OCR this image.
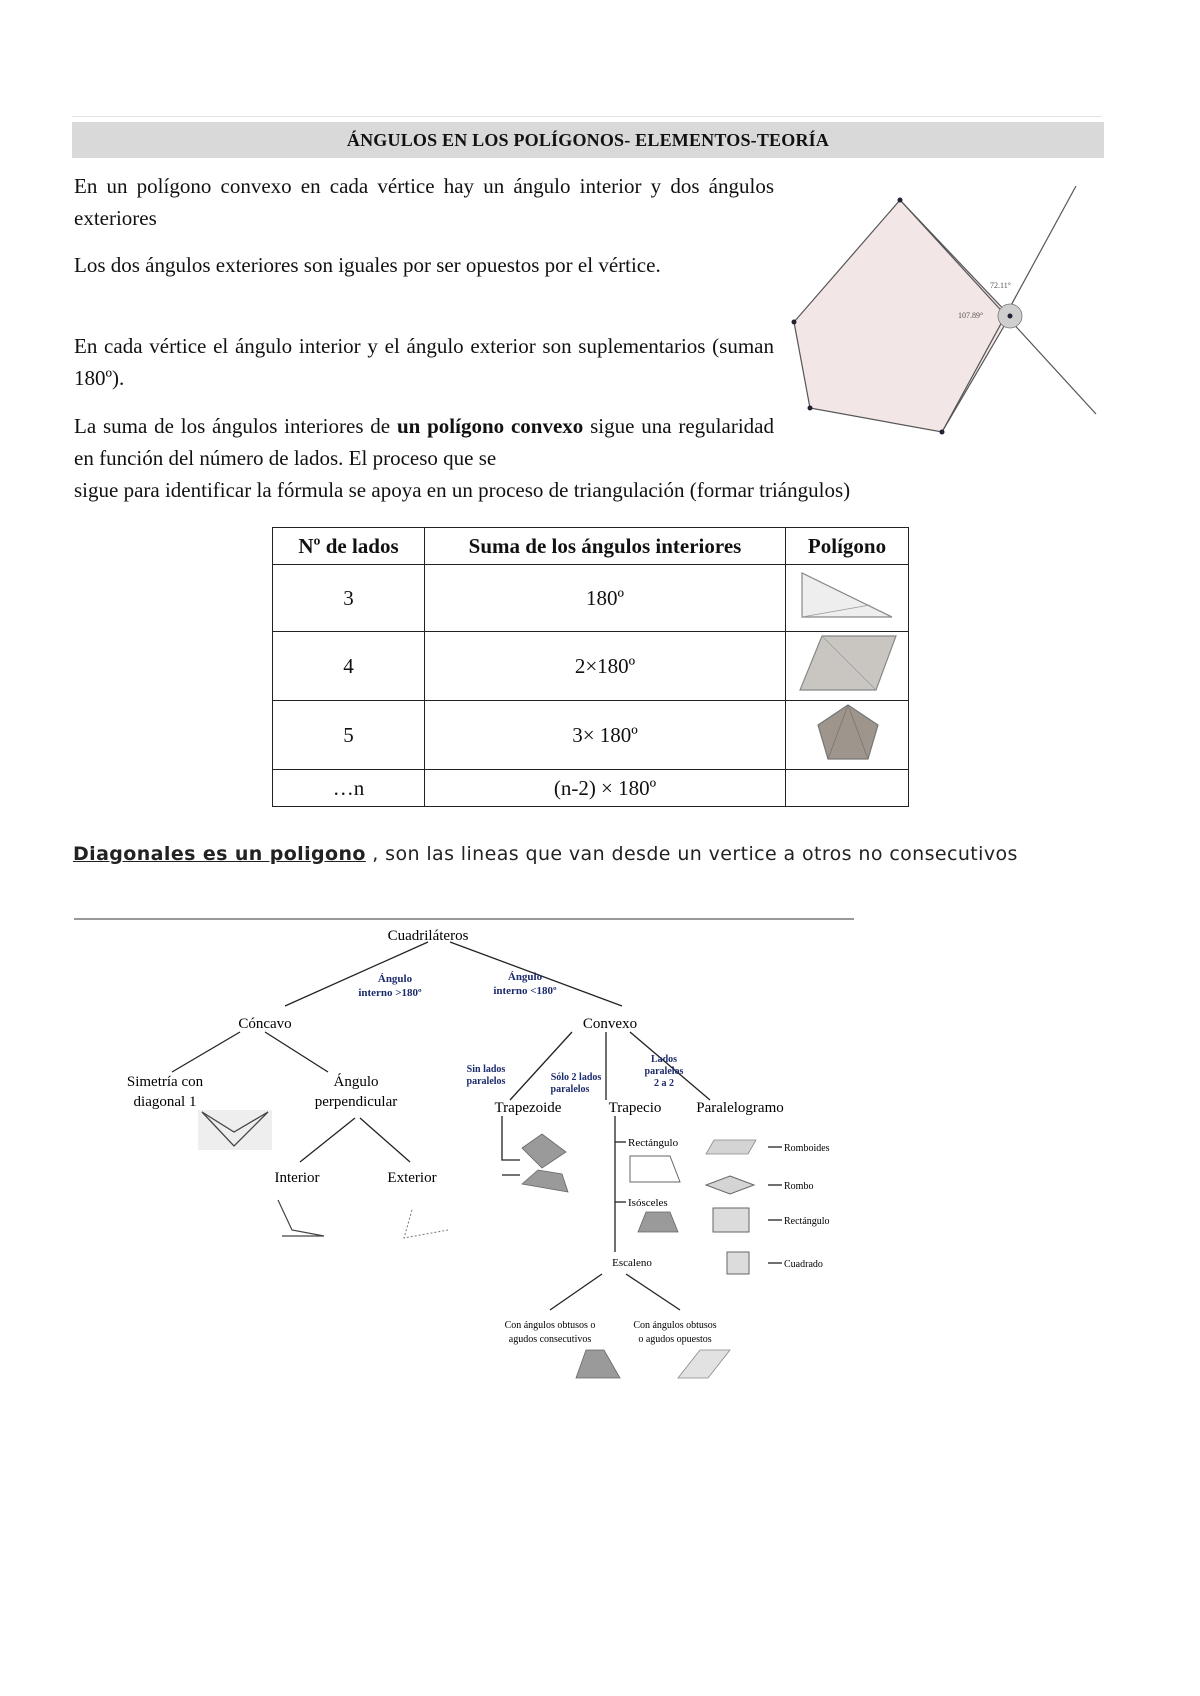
ÁNGULOS EN LOS POLÍGONOS- ELEMENTOS-TEORÍA
En un polígono convexo en cada vértice hay un ángulo interior y dos ángulos exteriores
Los dos ángulos exteriores son iguales por ser opuestos por el vértice.
En cada vértice el ángulo interior y el ángulo exterior son suplementarios (suman 180º).
La suma de los ángulos interiores de un polígono convexo sigue una regularidad en función del número de lados. El proceso que se
sigue para identificar la fórmula se apoya en un proceso de triangulación (formar triángulos)
107.89°
72.11°
Nº de lados	Suma de los ángulos interiores	Polígono
3	180º	
4	2×180º	
5	3× 180º	
…n	(n-2) × 180º	
Diagonales es un poligono , son las lineas que van desde un vertice a otros no consecutivos
Cuadriláteros
Cóncavo	Convexo
Ángulo
interno >180º
Ángulo
interno <180º
Simetría con
diagonal 1
Ángulo
perpendicular
Interior	Exterior
Sin lados
paralelos	Sólo 2 lados
paralelos
Lados
paralelos
2 a 2
Trapezoide	Trapecio Paralelogramo
Rectángulo
Isósceles
Escaleno
Con ángulos obtusos o
agudos consecutivos
Con ángulos obtusos
o agudos opuestos
Romboides
Rombo
Rectángulo
Cuadrado
